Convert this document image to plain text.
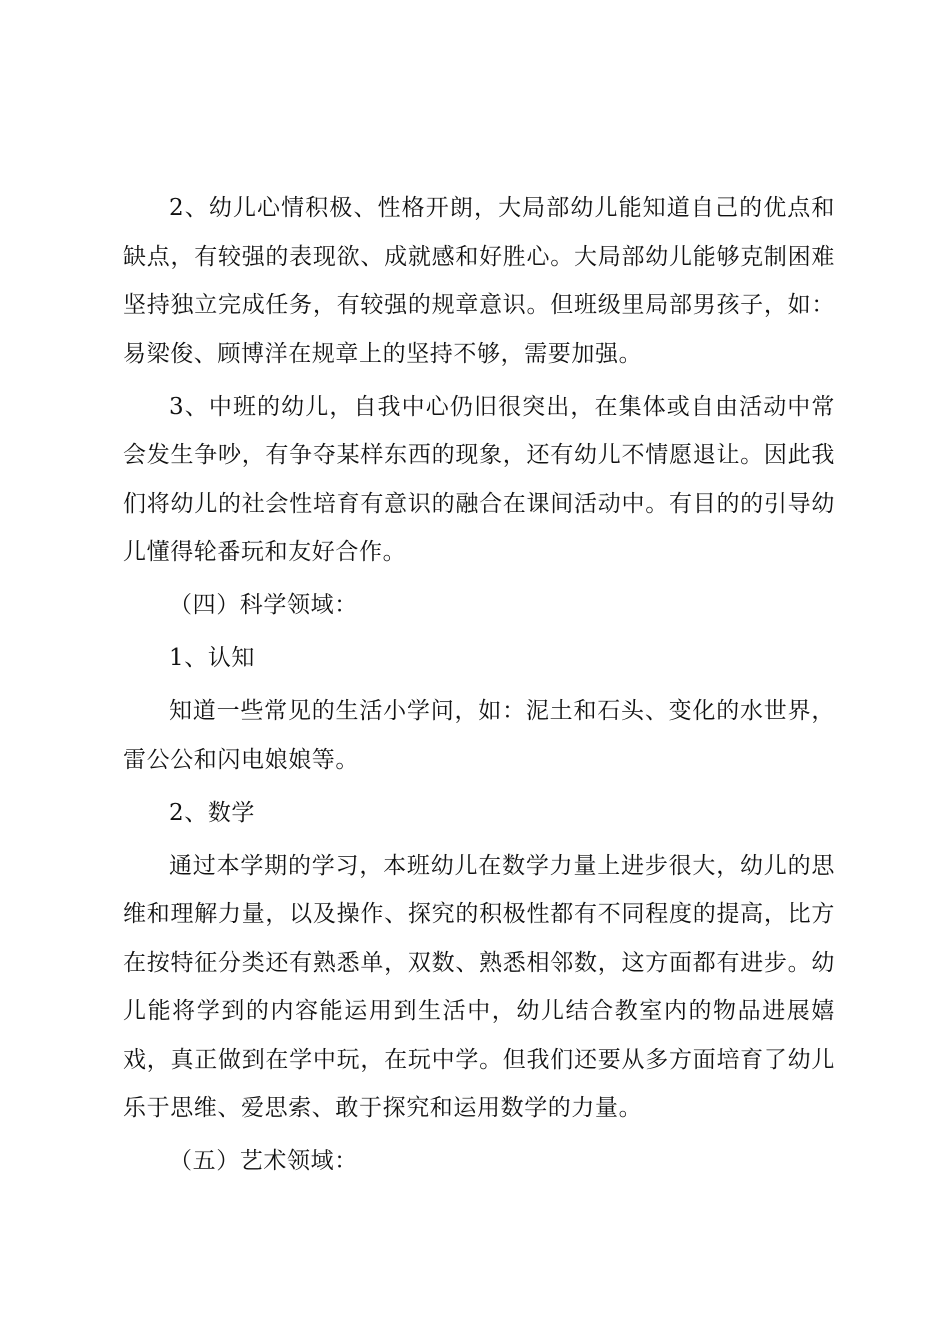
2、幼儿心情积极、性格开朗，大局部幼儿能知道自己的优点和缺点，有较强的表现欲、成就感和好胜心。大局部幼儿能够克制困难坚持独立完成任务，有较强的规章意识。但班级里局部男孩子，如：易梁俊、顾博洋在规章上的坚持不够，需要加强。

3、中班的幼儿，自我中心仍旧很突出，在集体或自由活动中常会发生争吵，有争夺某样东西的现象，还有幼儿不情愿退让。因此我们将幼儿的社会性培育有意识的融合在课间活动中。有目的的引导幼儿懂得轮番玩和友好合作。

（四）科学领域：

1、认知

知道一些常见的生活小学问，如：泥土和石头、变化的水世界，雷公公和闪电娘娘等。

2、数学

通过本学期的学习，本班幼儿在数学力量上进步很大，幼儿的思维和理解力量，以及操作、探究的积极性都有不同程度的提高，比方在按特征分类还有熟悉单，双数、熟悉相邻数，这方面都有进步。幼儿能将学到的内容能运用到生活中，幼儿结合教室内的物品进展嬉戏，真正做到在学中玩，在玩中学。但我们还要从多方面培育了幼儿乐于思维、爱思索、敢于探究和运用数学的力量。

（五）艺术领域：
